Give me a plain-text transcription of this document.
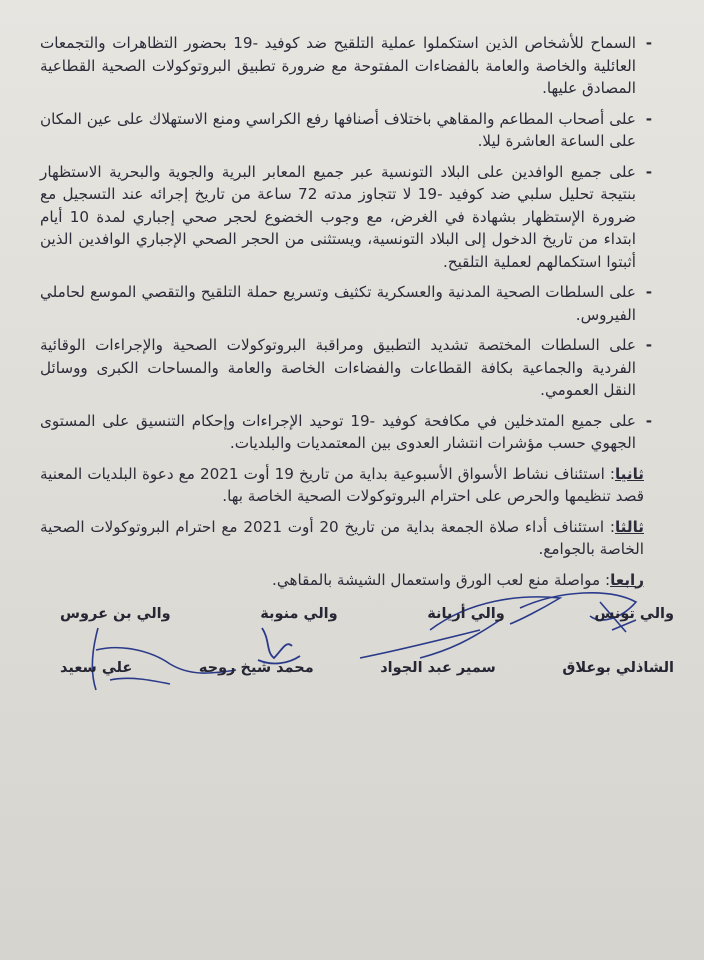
- السماح للأشخاص الذين استكملوا عملية التلقيح ضد كوفيد -19 بحضور التظاهرات والتجمعات العائلية والخاصة والعامة بالفضاءات المفتوحة مع ضرورة تطبيق البروتوكولات الصحية القطاعية المصادق عليها.
- على أصحاب المطاعم والمقاهي باختلاف أصنافها رفع الكراسي ومنع الاستهلاك على عين المكان على الساعة العاشرة ليلا.
- على جميع الوافدين على البلاد التونسية عبر جميع المعابر البرية والجوية والبحرية الاستظهار بنتيجة تحليل سلبي ضد كوفيد -19 لا تتجاوز مدته 72 ساعة من تاريخ إجرائه عند التسجيل مع ضرورة الإستظهار بشهادة في الغرض، مع وجوب الخضوع لحجر صحي إجباري لمدة 10 أيام ابتداء من تاريخ الدخول إلى البلاد التونسية، ويستثنى من الحجر الصحي الإجباري الوافدين الذين أثبتوا استكمالهم لعملية التلقيح.
- على السلطات الصحية المدنية والعسكرية تكثيف وتسريع حملة التلقيح والتقصي الموسع لحاملي الفيروس.
- على السلطات المختصة تشديد التطبيق ومراقبة البروتوكولات الصحية والإجراءات الوقائية الفردية والجماعية بكافة القطاعات والفضاءات الخاصة والعامة والمساحات الكبرى ووسائل النقل العمومي.
- على جميع المتدخلين في مكافحة كوفيد -19 توحيد الإجراءات وإحكام التنسيق على المستوى الجهوي حسب مؤشرات انتشار العدوى بين المعتمديات والبلديات.

ثانيا: استئناف نشاط الأسواق الأسبوعية بداية من تاريخ 19 أوت 2021 مع دعوة البلديات المعنية قصد تنظيمها والحرص على احترام البروتوكولات الصحية الخاصة بها.

ثالثا: استئناف أداء صلاة الجمعة بداية من تاريخ 20 أوت 2021 مع احترام البروتوكولات الصحية الخاصة بالجوامع.

رابعا: مواصلة منع لعب الورق واستعمال الشيشة بالمقاهي.

والي تونس
والي أريانة
والي منوبة
والي بن عروس
الشاذلي بوعلاق
سمير عبد الجواد
محمد شيخ روحه
علي سعيد
